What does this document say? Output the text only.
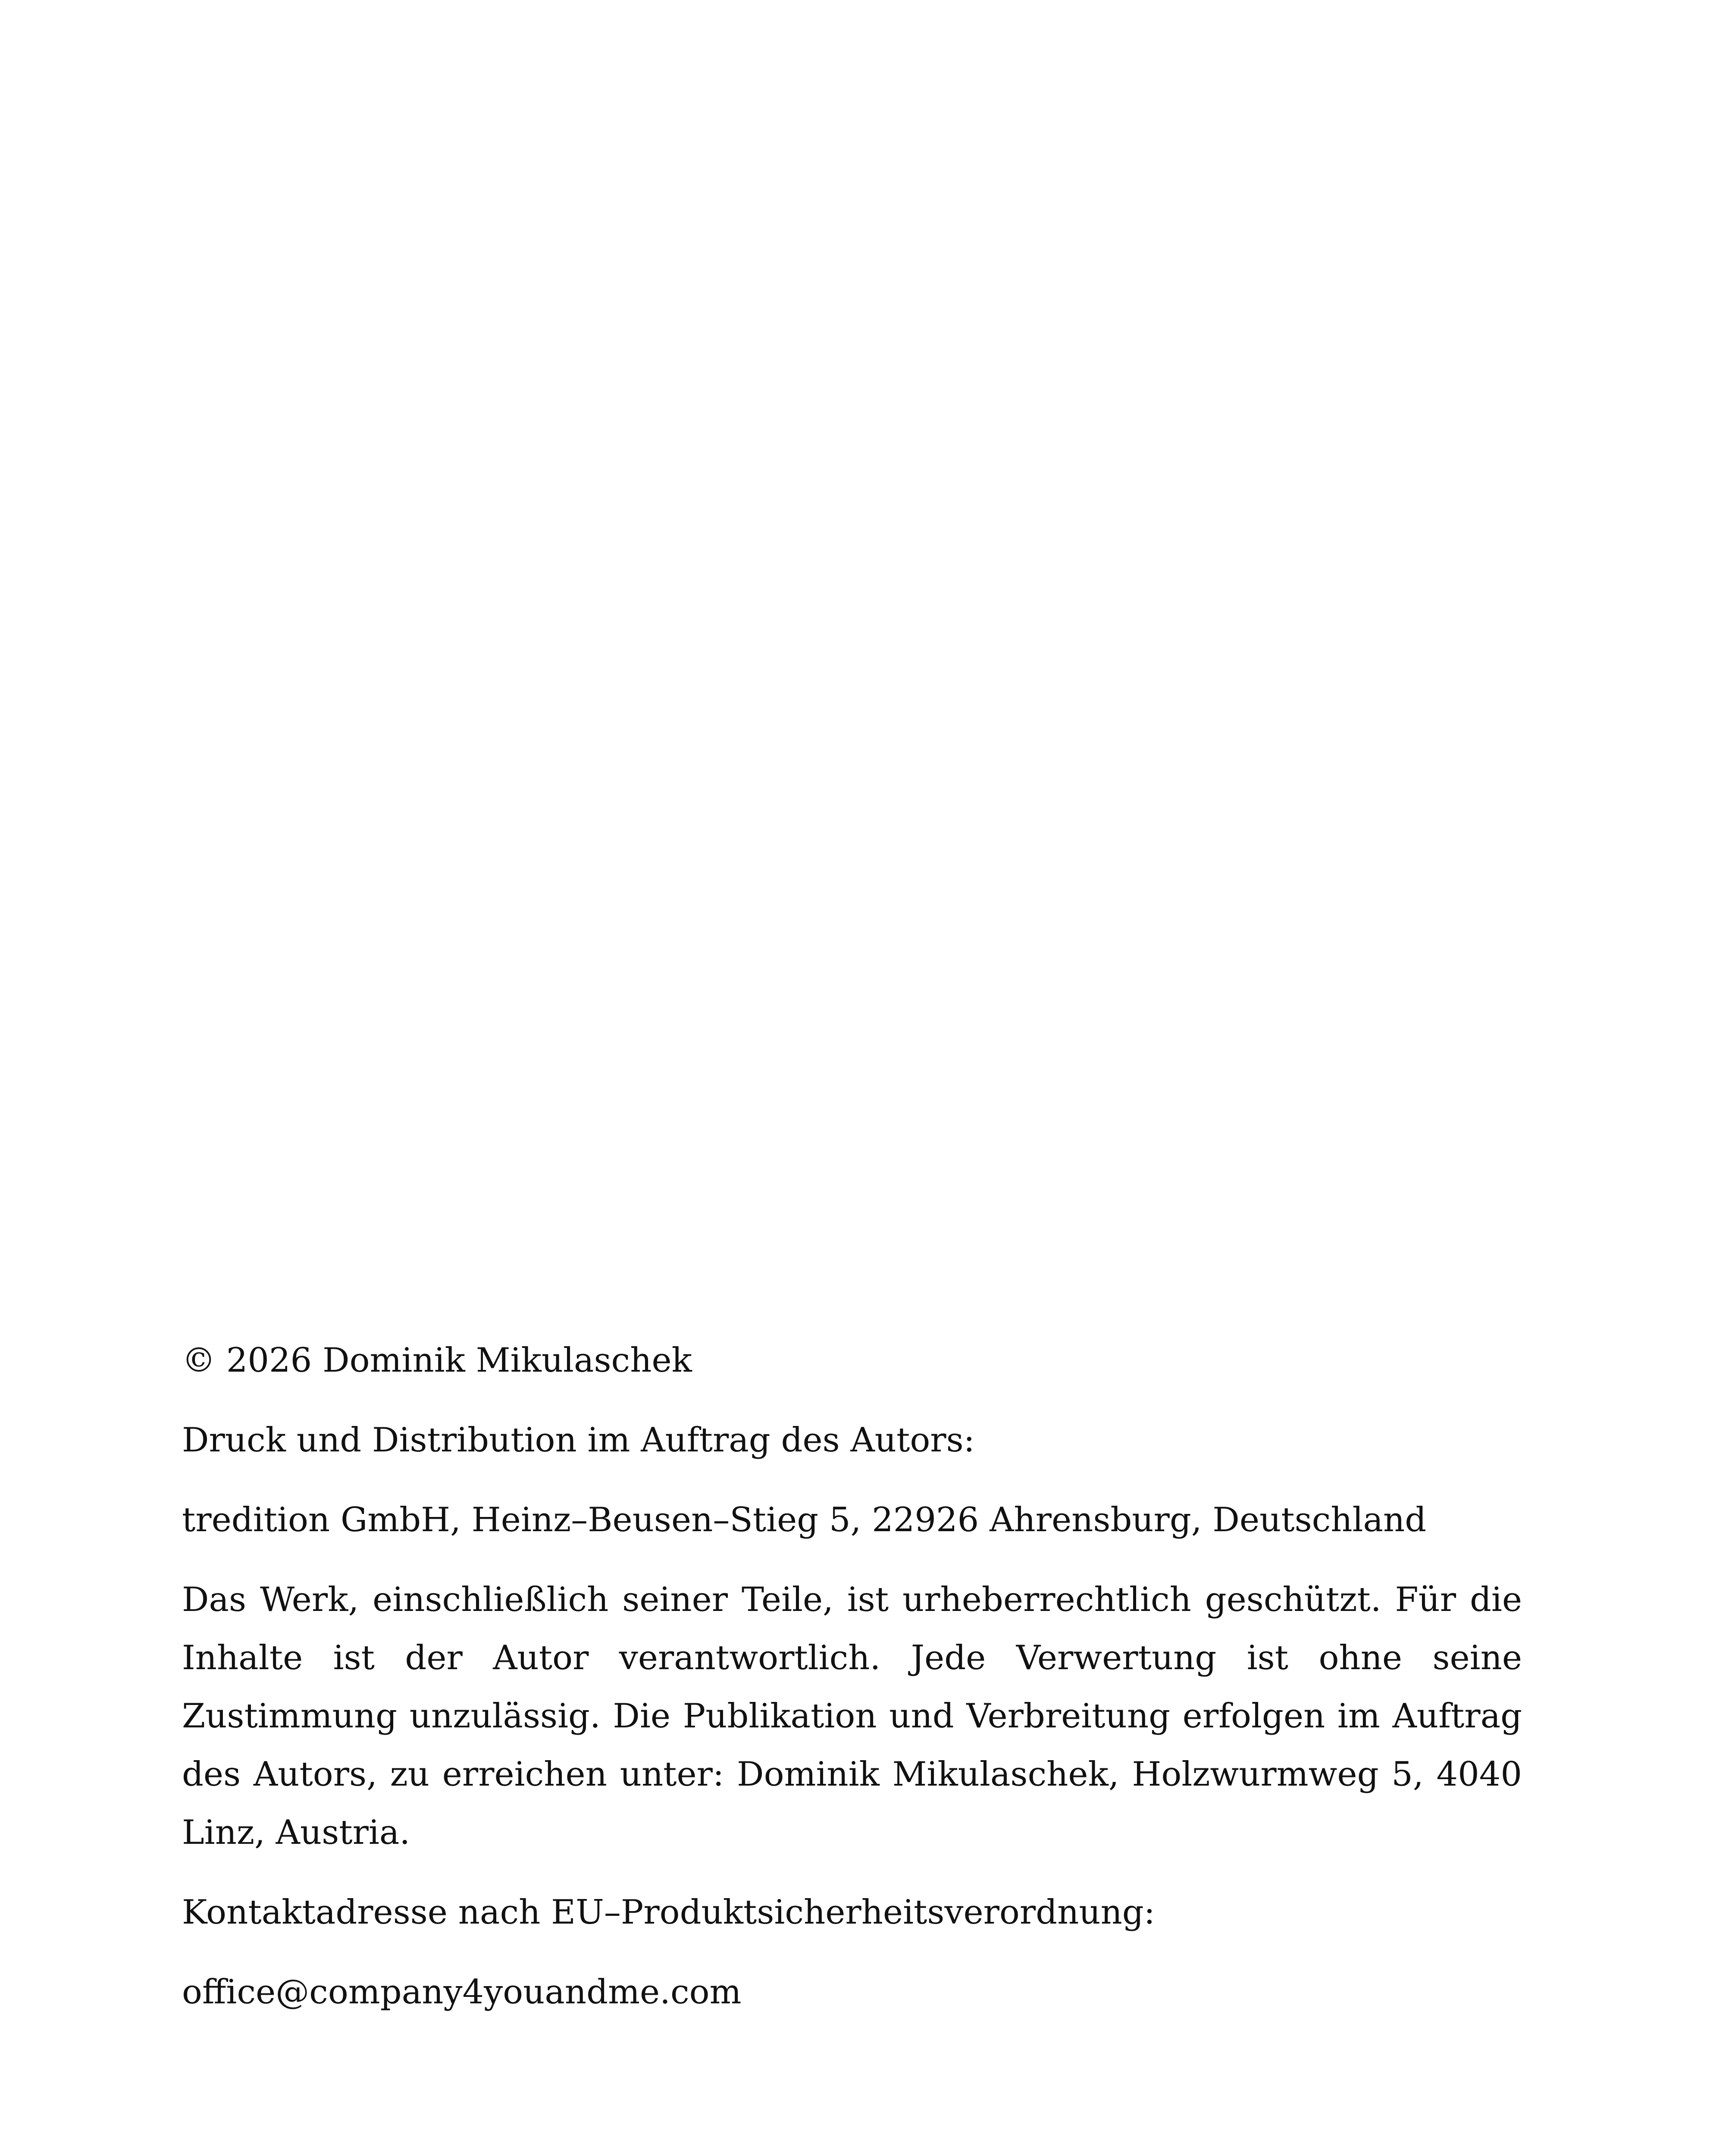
© 2026 Dominik Mikulaschek

Druck und Distribution im Auftrag des Autors:

tredition GmbH, Heinz–Beusen–Stieg 5, 22926 Ahrensburg, Deutschland

Das Werk, einschließlich seiner Teile, ist urheberrechtlich geschützt. Für die Inhalte ist der Autor verantwortlich. Jede Verwertung ist ohne seine Zustimmung unzulässig. Die Publikation und Verbreitung erfolgen im Auftrag des Autors, zu erreichen unter: Dominik Mikulaschek, Holzwurmweg 5, 4040 Linz, Austria.

Kontaktadresse nach EU–Produktsicherheitsverordnung:

office@company4youandme.com
